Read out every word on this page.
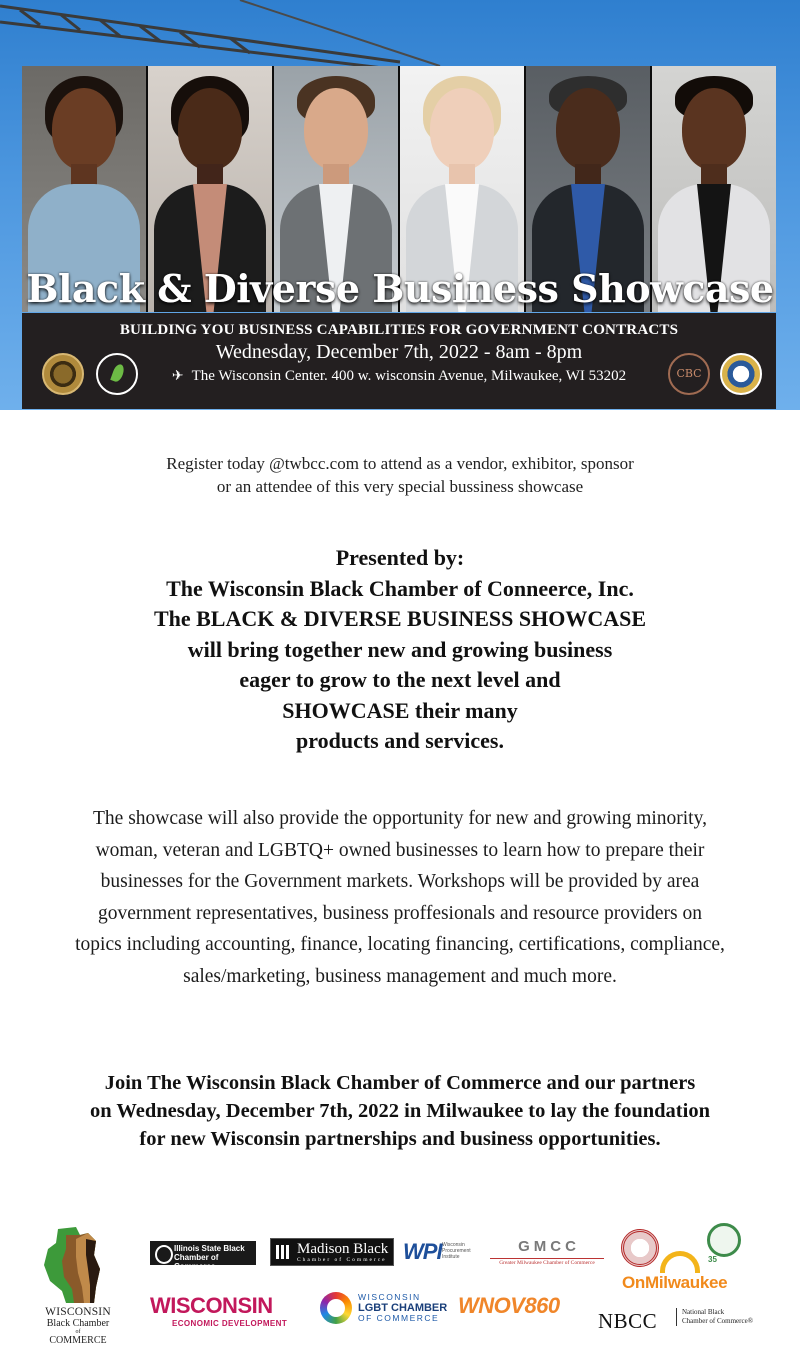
Black & Diverse Business Showcase
BUILDING YOU BUSINESS CAPABILITIES FOR GOVERNMENT CONTRACTS
Wednesday, December 7th, 2022 - 8am - 8pm
✈ The Wisconsin Center. 400 w. wisconsin Avenue, Milwaukee, WI 53202
CBC
Register today @twbcc.com to attend as a vendor, exhibitor, sponsor
or an attendee of this very special bussiness showcase
Presented by:
The Wisconsin Black Chamber of Conneerce, Inc.
The BLACK & DIVERSE BUSINESS SHOWCASE
will bring together new and growing business
eager to grow to the next level and
SHOWCASE their many
products and services.
The showcase will also provide the opportunity for new and growing minority,
woman, veteran and LGBTQ+ owned businesses to learn how to prepare their
businesses for the Government markets. Workshops will be provided by area
government representatives, business proffesionals and resource providers on
topics including accounting, finance, locating financing, certifications, compliance,
sales/marketing, business management and much more.
Join The Wisconsin Black Chamber of Commerce and our partners
on Wednesday, December 7th, 2022 in Milwaukee to lay the foundation
for new Wisconsin partnerships and business opportunities.
WISCONSIN
Black Chamber
of
COMMERCE
Illinois State Black
Chamber of Commerce
Madison Black
Chamber of Commerce WPI Wisconsin Procurement Institute
GMCC
Greater Milwaukee Chamber of Commerce	35
OnMilwaukee
WISCONSIN
ECONOMIC DEVELOPMENT
WISCONSIN
LGBT CHAMBER
OF COMMERCE WNOV860
NBCC	National Black
Chamber of Commerce®
